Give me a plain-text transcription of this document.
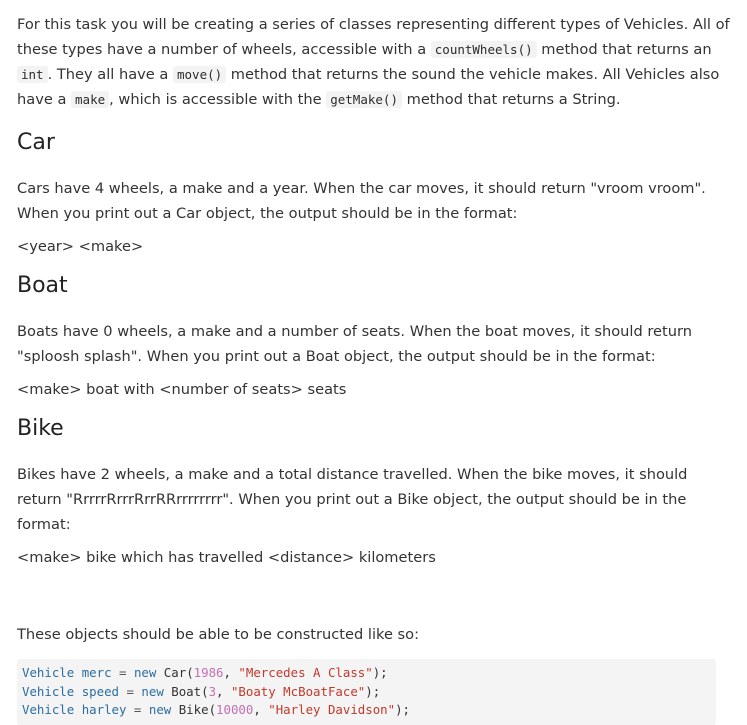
For this task you will be creating a series of classes representing different types of Vehicles. All of these types have a number of wheels, accessible with a countWheels() method that returns an int . They all have a move() method that returns the sound the vehicle makes. All Vehicles also have a make , which is accessible with the getMake() method that returns a String.

Car

Cars have 4 wheels, a make and a year. When the car moves, it should return "vroom vroom". When you print out a Car object, the output should be in the format:

<year> <make>

Boat

Boats have 0 wheels, a make and a number of seats. When the boat moves, it should return "sploosh splash". When you print out a Boat object, the output should be in the format:

<make> boat with <number of seats> seats

Bike

Bikes have 2 wheels, a make and a total distance travelled. When the bike moves, it should return "RrrrrRrrrRrrRRrrrrrrrr". When you print out a Bike object, the output should be in the format:

<make> bike which has travelled <distance> kilometers

These objects should be able to be constructed like so:

Vehicle merc = new Car(1986, "Mercedes A Class");
Vehicle speed = new Boat(3, "Boaty McBoatFace");
Vehicle harley = new Bike(10000, "Harley Davidson");
